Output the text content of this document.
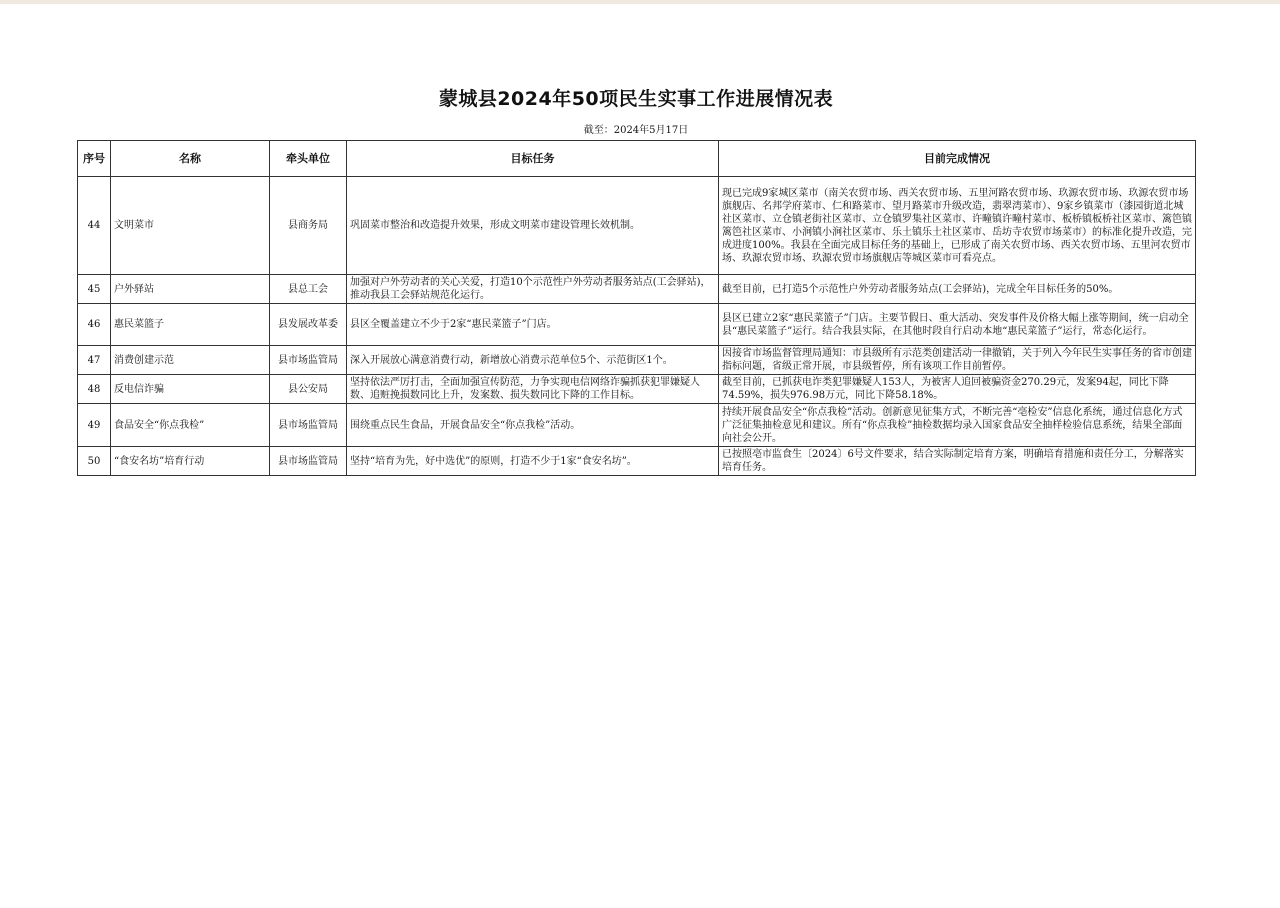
蒙城县2024年50项民生实事工作进展情况表
截至：2024年5月17日
序号	名称	牵头单位	目标任务	目前完成情况
44	文明菜市	县商务局	巩固菜市整治和改造提升效果，形成文明菜市建设管理长效机制。	现已完成9家城区菜市（南关农贸市场、西关农贸市场、五里河路农贸市场、玖源农贸市场、玖源农贸市场旗舰店、名邦学府菜市、仁和路菜市、望月路菜市升级改造，翡翠湾菜市）、9家乡镇菜市（漆园街道北城社区菜市、立仓镇老街社区菜市、立仓镇罗集社区菜市、许疃镇许疃村菜市、板桥镇板桥社区菜市、篱笆镇篱笆社区菜市、小涧镇小涧社区菜市、乐土镇乐土社区菜市、岳坊寺农贸市场菜市）的标准化提升改造，完成进度100%。我县在全面完成目标任务的基础上，已形成了南关农贸市场、西关农贸市场、五里河农贸市场、玖源农贸市场、玖源农贸市场旗舰店等城区菜市可看亮点。
45	户外驿站	县总工会	加强对户外劳动者的关心关爱，打造10个示范性户外劳动者服务站点(工会驿站)，推动我县工会驿站规范化运行。	截至目前，已打造5个示范性户外劳动者服务站点(工会驿站)，完成全年目标任务的50%。
46	惠民菜篮子	县发展改革委	县区全覆盖建立不少于2家“惠民菜篮子”门店。	县区已建立2家“惠民菜篮子”门店。主要节假日、重大活动、突发事件及价格大幅上涨等期间，统一启动全县“惠民菜篮子”运行。结合我县实际，在其他时段自行启动本地“惠民菜篮子”运行，常态化运行。
47	消费创建示范	县市场监管局	深入开展放心满意消费行动，新增放心消费示范单位5个、示范街区1个。	因接省市场监督管理局通知：市县级所有示范类创建活动一律撤销，关于列入今年民生实事任务的省市创建指标问题，省级正常开展，市县级暂停，所有该项工作目前暂停。
48	反电信诈骗	县公安局	坚持依法严厉打击，全面加强宣传防范，力争实现电信网络诈骗抓获犯罪嫌疑人数、追赃挽损数同比上升，发案数、损失数同比下降的工作目标。	截至目前，已抓获电诈类犯罪嫌疑人153人，为被害人追回被骗资金270.29元，发案94起，同比下降74.59%，损失976.98万元，同比下降58.18%。
49	食品安全“你点我检”	县市场监管局	围绕重点民生食品，开展食品安全“你点我检”活动。	持续开展食品安全“你点我检”活动。创新意见征集方式，不断完善“亳检安”信息化系统，通过信息化方式广泛征集抽检意见和建议。所有“你点我检”抽检数据均录入国家食品安全抽样检验信息系统，结果全部面向社会公开。
50	“食安名坊”培育行动	县市场监管局	坚持“培育为先，好中选优”的原则，打造不少于1家“食安名坊”。	已按照亳市监食生〔2024〕6号文件要求，结合实际制定培育方案，明确培育措施和责任分工，分解落实培育任务。
